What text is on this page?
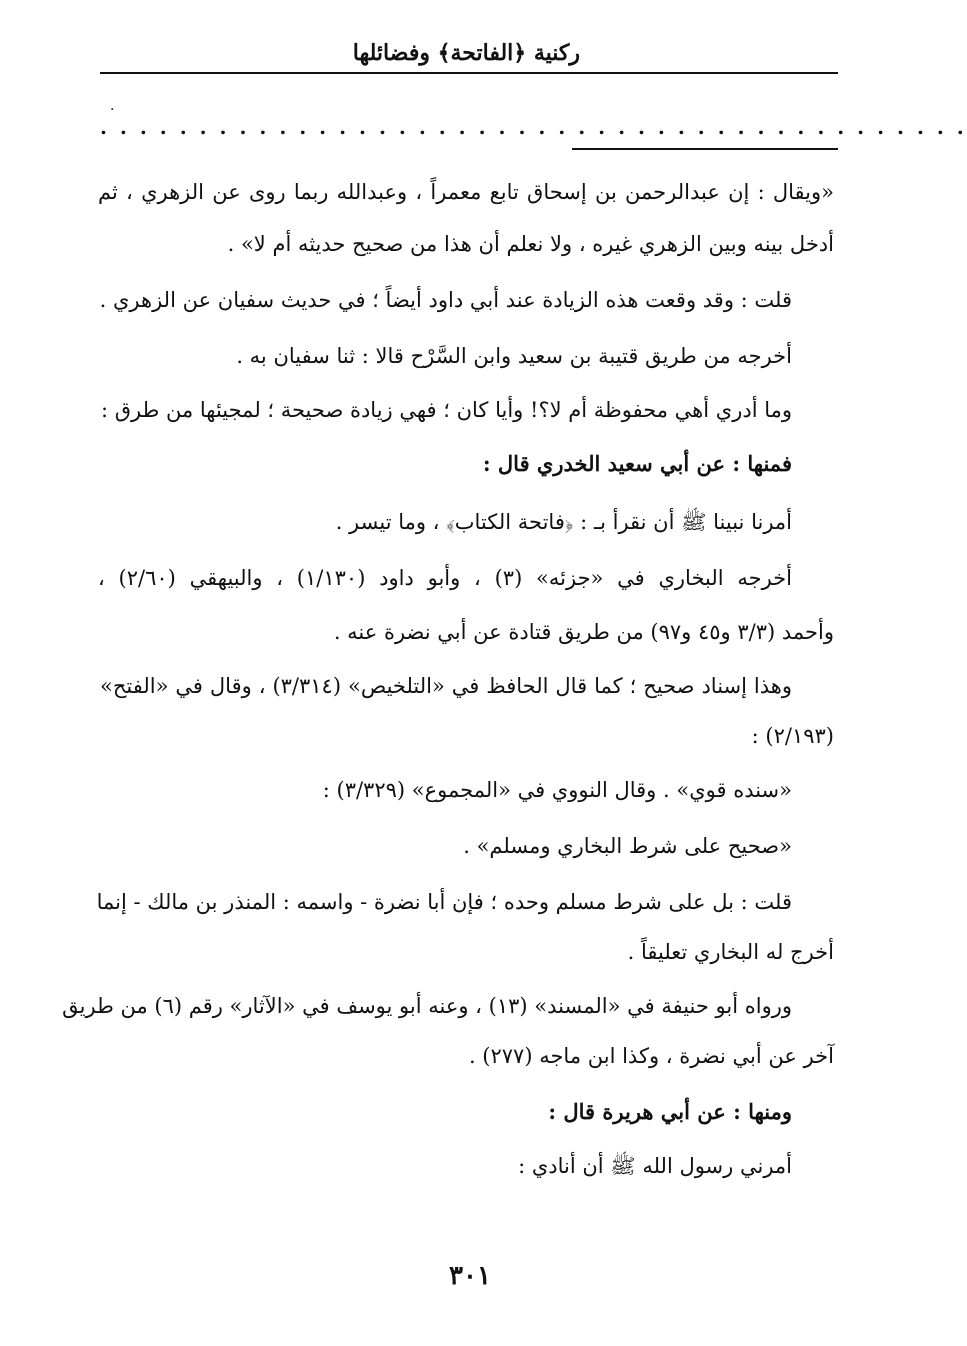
ركنية ﴿الفاتحة﴾ وفضائلها
·
. . . . . . . . . . . . . . . . . . . . . . . . . . . . . . . . . . . . . . . . . . . .
«ويقال : إن عبدالرحمن بن إسحاق تابع معمراً ، وعبدالله ربما روى عن الزهري ، ثم
أدخل بينه وبين الزهري غيره ، ولا نعلم أن هذا من صحيح حديثه أم لا» .
قلت : وقد وقعت هذه الزيادة عند أبي داود أيضاً ؛ في حديث سفيان عن الزهري .
أخرجه من طريق قتيبة بن سعيد وابن السَّرْح قالا : ثنا سفيان به .
وما أدري أهي محفوظة أم لا؟! وأيا كان ؛ فهي زيادة صحيحة ؛ لمجيئها من طرق :
فمنها : عن أبي سعيد الخدري قال :
أمرنا نبينا ﷺ أن نقرأ بـ : ﴿فاتحة الكتاب﴾ ، وما تيسر .
أخرجه البخاري في «جزئه» (٣) ، وأبو داود (١/١٣٠) ، والبيهقي (٢/٦٠) ،
وأحمد (٣/٣ و٤٥ و٩٧) من طريق قتادة عن أبي نضرة عنه .
وهذا إسناد صحيح ؛ كما قال الحافظ في «التلخيص» (٣/٣١٤) ، وقال في «الفتح»
(٢/١٩٣) :
«سنده قوي» . وقال النووي في «المجموع» (٣/٣٢٩) :
«صحيح على شرط البخاري ومسلم» .
قلت : بل على شرط مسلم وحده ؛ فإن أبا نضرة - واسمه : المنذر بن مالك - إنما
أخرج له البخاري تعليقاً .
ورواه أبو حنيفة في «المسند» (١٣) ، وعنه أبو يوسف في «الآثار» رقم (٦) من طريق
آخر عن أبي نضرة ، وكذا ابن ماجه (٢٧٧) .
ومنها : عن أبي هريرة قال :
أمرني رسول الله ﷺ أن أنادي :
٣٠١
